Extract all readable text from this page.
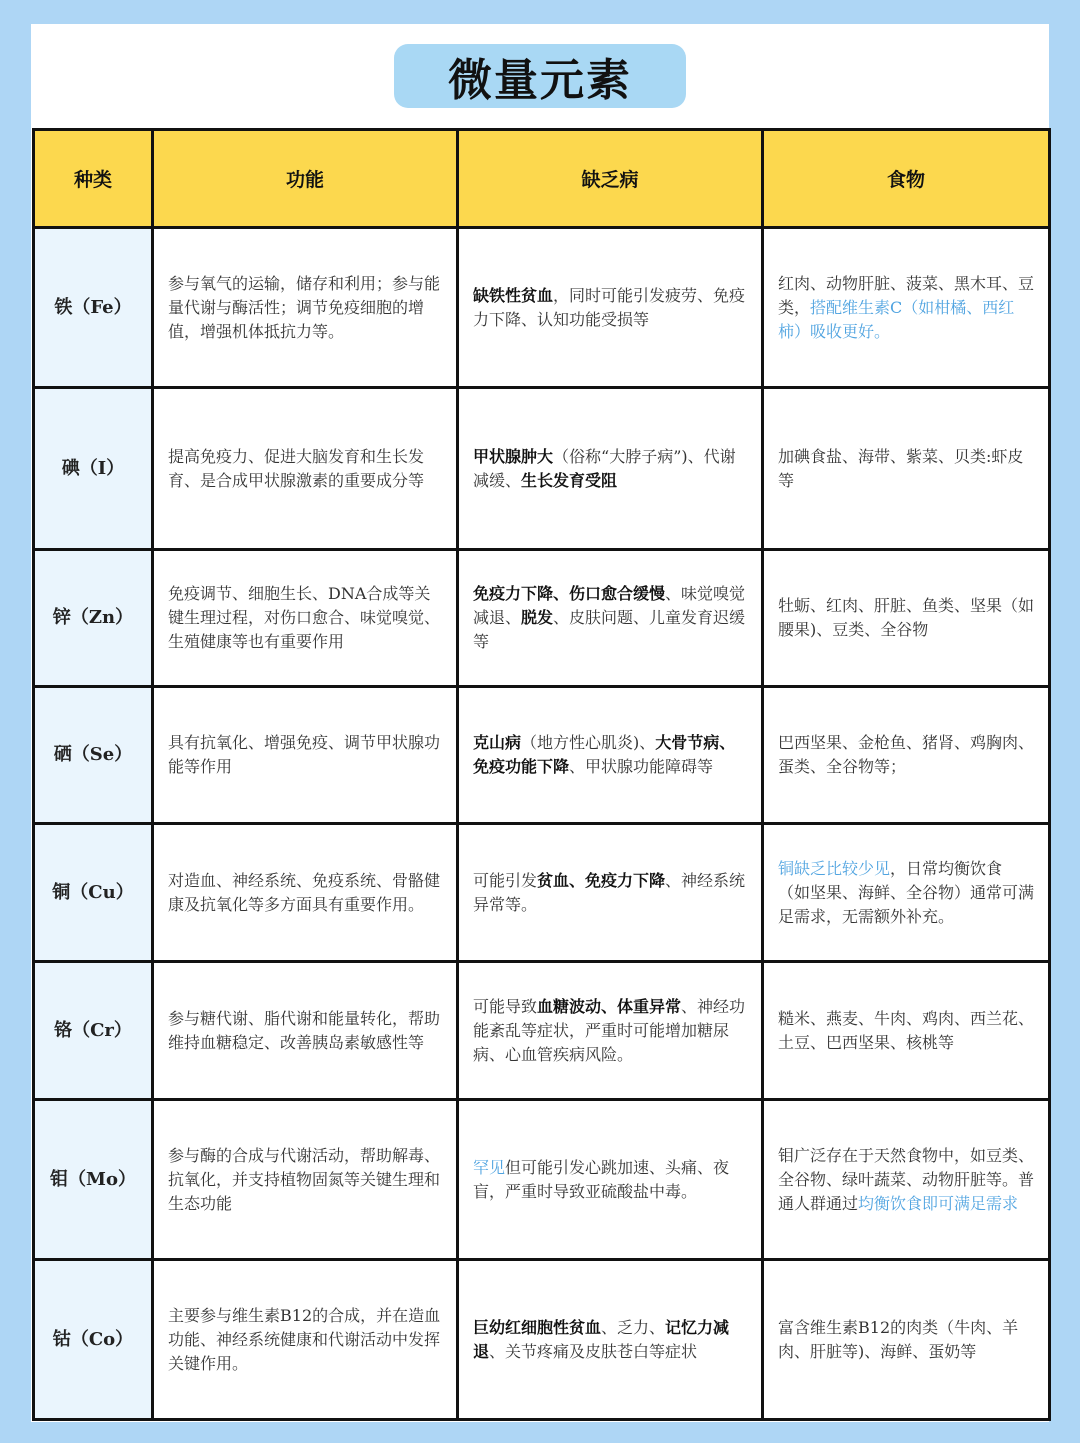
微量元素
种类	功能	缺乏病	食物
铁（Fe）	参与氧气的运输，储存和利用；参与能量代谢与酶活性；调节免疫细胞的增值，增强机体抵抗力等。	缺铁性贫血，同时可能引发疲劳、免疫力下降、认知功能受损等	红肉、动物肝脏、菠菜、黑木耳、豆类，搭配维生素C（如柑橘、西红柿）吸收更好。
碘（I）	提高免疫力、促进大脑发育和生长发育、是合成甲状腺激素的重要成分等	甲状腺肿大（俗称“大脖子病”)、代谢减缓、生长发育受阻	加碘食盐、海带、紫菜、贝类:虾皮等
锌（Zn）	免疫调节、细胞生长、DNA合成等关键生理过程，对伤口愈合、味觉嗅觉、生殖健康等也有重要作用	免疫力下降、伤口愈合缓慢、味觉嗅觉减退、脱发、皮肤问题、儿童发育迟缓等	牡蛎、红肉、肝脏、鱼类、坚果（如腰果)、豆类、全谷物
硒（Se）	具有抗氧化、增强免疫、调节甲状腺功能等作用	克山病（地方性心肌炎)、大骨节病、免疫功能下降、甲状腺功能障碍等	巴西坚果、金枪鱼、猪肾、鸡胸肉、蛋类、全谷物等；
铜（Cu）	对造血、神经系统、免疫系统、骨骼健康及抗氧化等多方面具有重要作用。	可能引发贫血、免疫力下降、神经系统异常等。	铜缺乏比较少见，日常均衡饮食（如坚果、海鲜、全谷物）通常可满足需求，无需额外补充。
铬（Cr）	参与糖代谢、脂代谢和能量转化，帮助维持血糖稳定、改善胰岛素敏感性等	可能导致血糖波动、体重异常、神经功能紊乱等症状，严重时可能增加糖尿病、心血管疾病风险。	糙米、燕麦、牛肉、鸡肉、西兰花、土豆、巴西坚果、核桃等
钼（Mo）	参与酶的合成与代谢活动，帮助解毒、抗氧化，并支持植物固氮等关键生理和生态功能	罕见但可能引发心跳加速、头痛、夜盲，严重时导致亚硫酸盐中毒。	钼广泛存在于天然食物中，如豆类、全谷物、绿叶蔬菜、动物肝脏等。普通人群通过均衡饮食即可满足需求
钴（Co）	主要参与维生素B12的合成，并在造血功能、神经系统健康和代谢活动中发挥关键作用。	巨幼红细胞性贫血、乏力、记忆力减退、关节疼痛及皮肤苍白等症状	富含维生素B12的肉类（牛肉、羊肉、肝脏等)、海鲜、蛋奶等
